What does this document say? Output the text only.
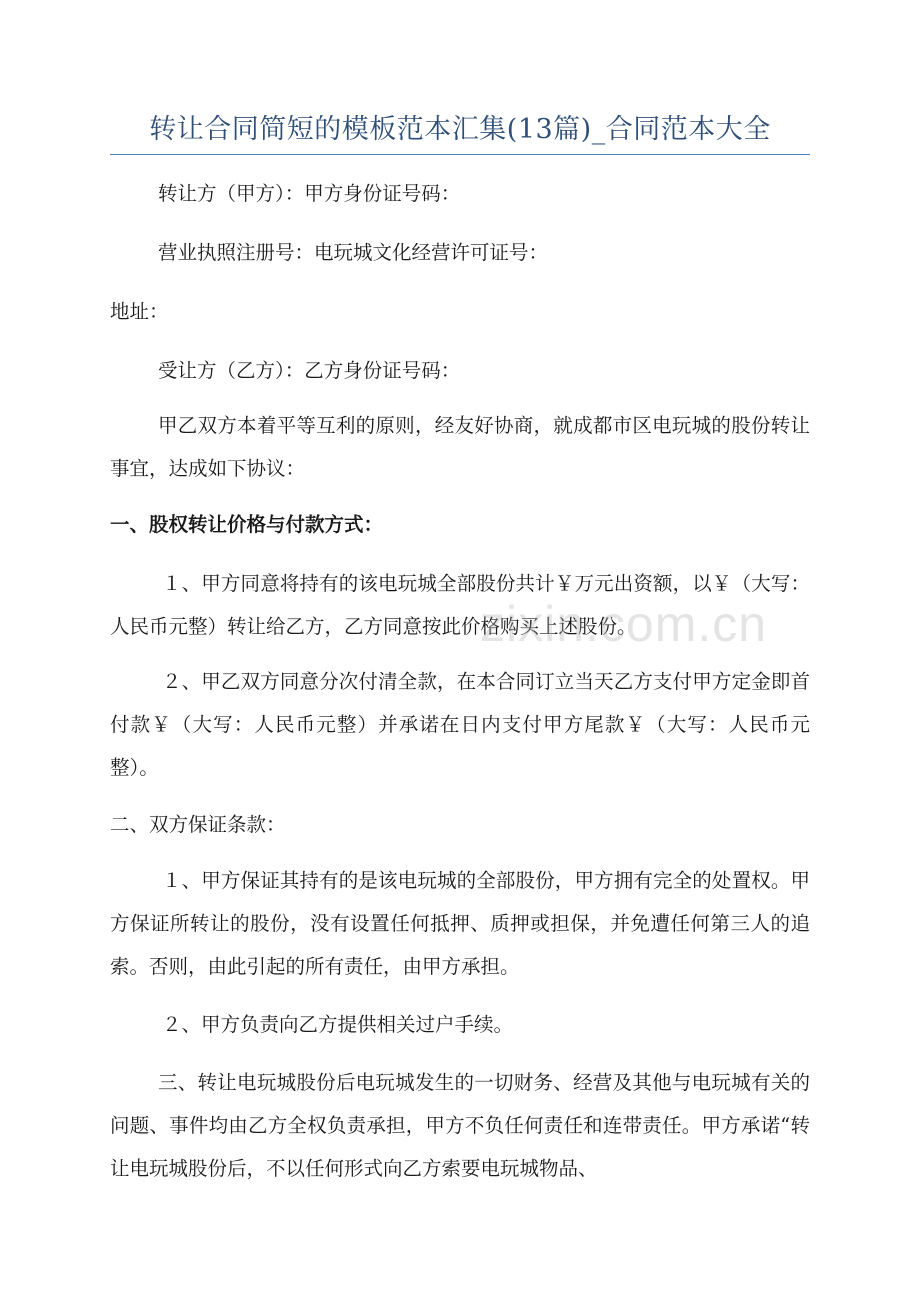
转让合同简短的模板范本汇集(13篇)_合同范本大全
转让方（甲方）：甲方身份证号码：
营业执照注册号：电玩城文化经营许可证号：
地址：
受让方（乙方）：乙方身份证号码：
甲乙双方本着平等互利的原则，经友好协商，就成都市区电玩城的股份转让事宜，达成如下协议：
一、股权转让价格与付款方式：
１、甲方同意将持有的该电玩城全部股份共计￥万元出资额，以￥（大写：人民币元整）转让给乙方，乙方同意按此价格购买上述股份。
２、甲乙双方同意分次付清全款，在本合同订立当天乙方支付甲方定金即首付款￥（大写：人民币元整）并承诺在日内支付甲方尾款￥（大写：人民币元整）。
二、双方保证条款：
１、甲方保证其持有的是该电玩城的全部股份，甲方拥有完全的处置权。甲方保证所转让的股份，没有设置任何抵押、质押或担保，并免遭任何第三人的追索。否则，由此引起的所有责任，由甲方承担。
２、甲方负责向乙方提供相关过户手续。
三、转让电玩城股份后电玩城发生的一切财务、经营及其他与电玩城有关的问题、事件均由乙方全权负责承担，甲方不负任何责任和连带责任。甲方承诺“转让电玩城股份后，不以任何形式向乙方索要电玩城物品、
zixin.com.cn
